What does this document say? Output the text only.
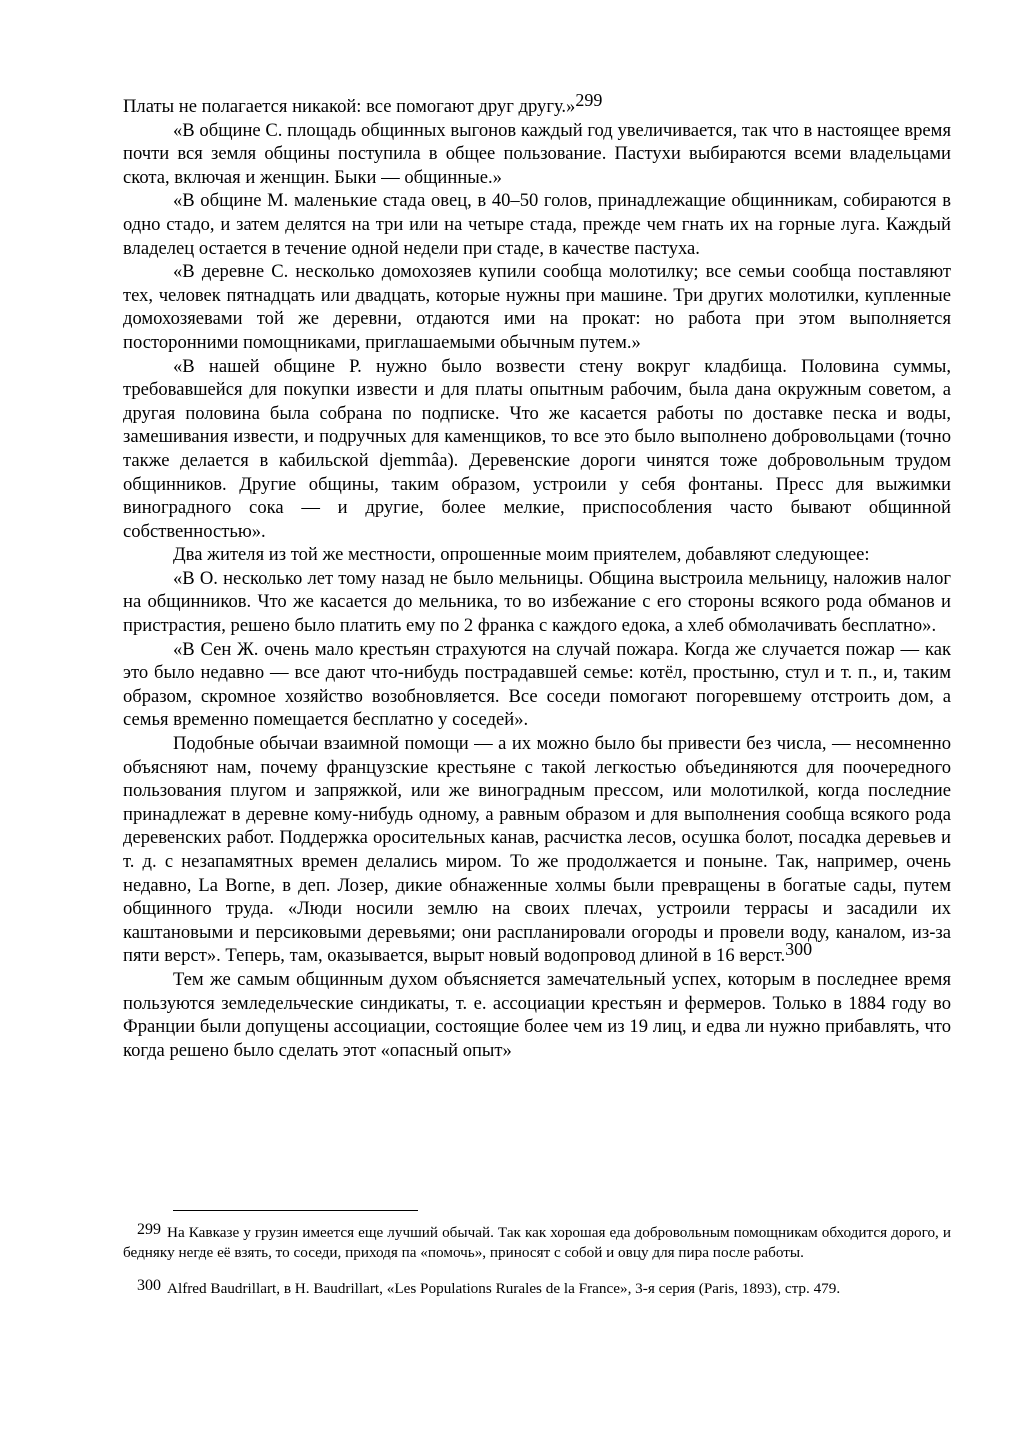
Платы не полагается никакой: все помогают друг другу.»299

«В общине С. площадь общинных выгонов каждый год увеличивается, так что в настоящее время почти вся земля общины поступила в общее пользование. Пастухи выбираются всеми владельцами скота, включая и женщин. Быки — общинные.»

«В общине М. маленькие стада овец, в 40–50 голов, принадлежащие общинникам, собираются в одно стадо, и затем делятся на три или на четыре стада, прежде чем гнать их на горные луга. Каждый владелец остается в течение одной недели при стаде, в качестве пастуха.

«В деревне С. несколько домохозяев купили сообща молотилку; все семьи сообща поставляют тех, человек пятнадцать или двадцать, которые нужны при машине. Три других молотилки, купленные домохозяевами той же деревни, отдаются ими на прокат: но работа при этом выполняется посторонними помощниками, приглашаемыми обычным путем.»

«В нашей общине Р. нужно было возвести стену вокруг кладбища. Половина суммы, требовавшейся для покупки извести и для платы опытным рабочим, была дана окружным советом, а другая половина была собрана по подписке. Что же касается работы по доставке песка и воды, замешивания извести, и подручных для каменщиков, то все это было выполнено добровольцами (точно также делается в кабильской djemmâa). Деревенские дороги чинятся тоже добровольным трудом общинников. Другие общины, таким образом, устроили у себя фонтаны. Пресс для выжимки виноградного сока — и другие, более мелкие, приспособления часто бывают общинной собственностью».

Два жителя из той же местности, опрошенные моим приятелем, добавляют следующее:

«В О. несколько лет тому назад не было мельницы. Община выстроила мельницу, наложив налог на общинников. Что же касается до мельника, то во избежание с его стороны всякого рода обманов и пристрастия, решено было платить ему по 2 франка с каждого едока, а хлеб обмолачивать бесплатно».

«В Сен Ж. очень мало крестьян страхуются на случай пожара. Когда же случается пожар — как это было недавно — все дают что-нибудь пострадавшей семье: котёл, простыню, стул и т. п., и, таким образом, скромное хозяйство возобновляется. Все соседи помогают погоревшему отстроить дом, а семья временно помещается бесплатно у соседей».

Подобные обычаи взаимной помощи — а их можно было бы привести без числа, — несомненно объясняют нам, почему французские крестьяне с такой легкостью объединяются для поочередного пользования плугом и запряжкой, или же виноградным прессом, или молотилкой, когда последние принадлежат в деревне кому-нибудь одному, а равным образом и для выполнения сообща всякого рода деревенских работ. Поддержка оросительных канав, расчистка лесов, осушка болот, посадка деревьев и т. д. с незапамятных времен делались миром. То же продолжается и поныне. Так, например, очень недавно, La Borne, в деп. Лозер, дикие обнаженные холмы были превращены в богатые сады, путем общинного труда. «Люди носили землю на своих плечах, устроили террасы и засадили их каштановыми и персиковыми деревьями; они распланировали огороды и провели воду, каналом, из-за пяти верст». Теперь, там, оказывается, вырыт новый водопровод длиной в 16 верст.300

Тем же самым общинным духом объясняется замечательный успех, которым в последнее время пользуются земледельческие синдикаты, т. е. ассоциации крестьян и фермеров. Только в 1884 году во Франции были допущены ассоциации, состоящие более чем из 19 лиц, и едва ли нужно прибавлять, что когда решено было сделать этот «опасный опыт»

299 На Кавказе у грузин имеется еще лучший обычай. Так как хорошая еда добровольным помощникам обходится дорого, и бедняку негде её взять, то соседи, приходя па «помочь», приносят с собой и овцу для пира после работы.

300 Alfred Baudrillart, в H. Baudrillart, «Les Populations Rurales de la France», 3-я серия (Paris, 1893), стр. 479.
